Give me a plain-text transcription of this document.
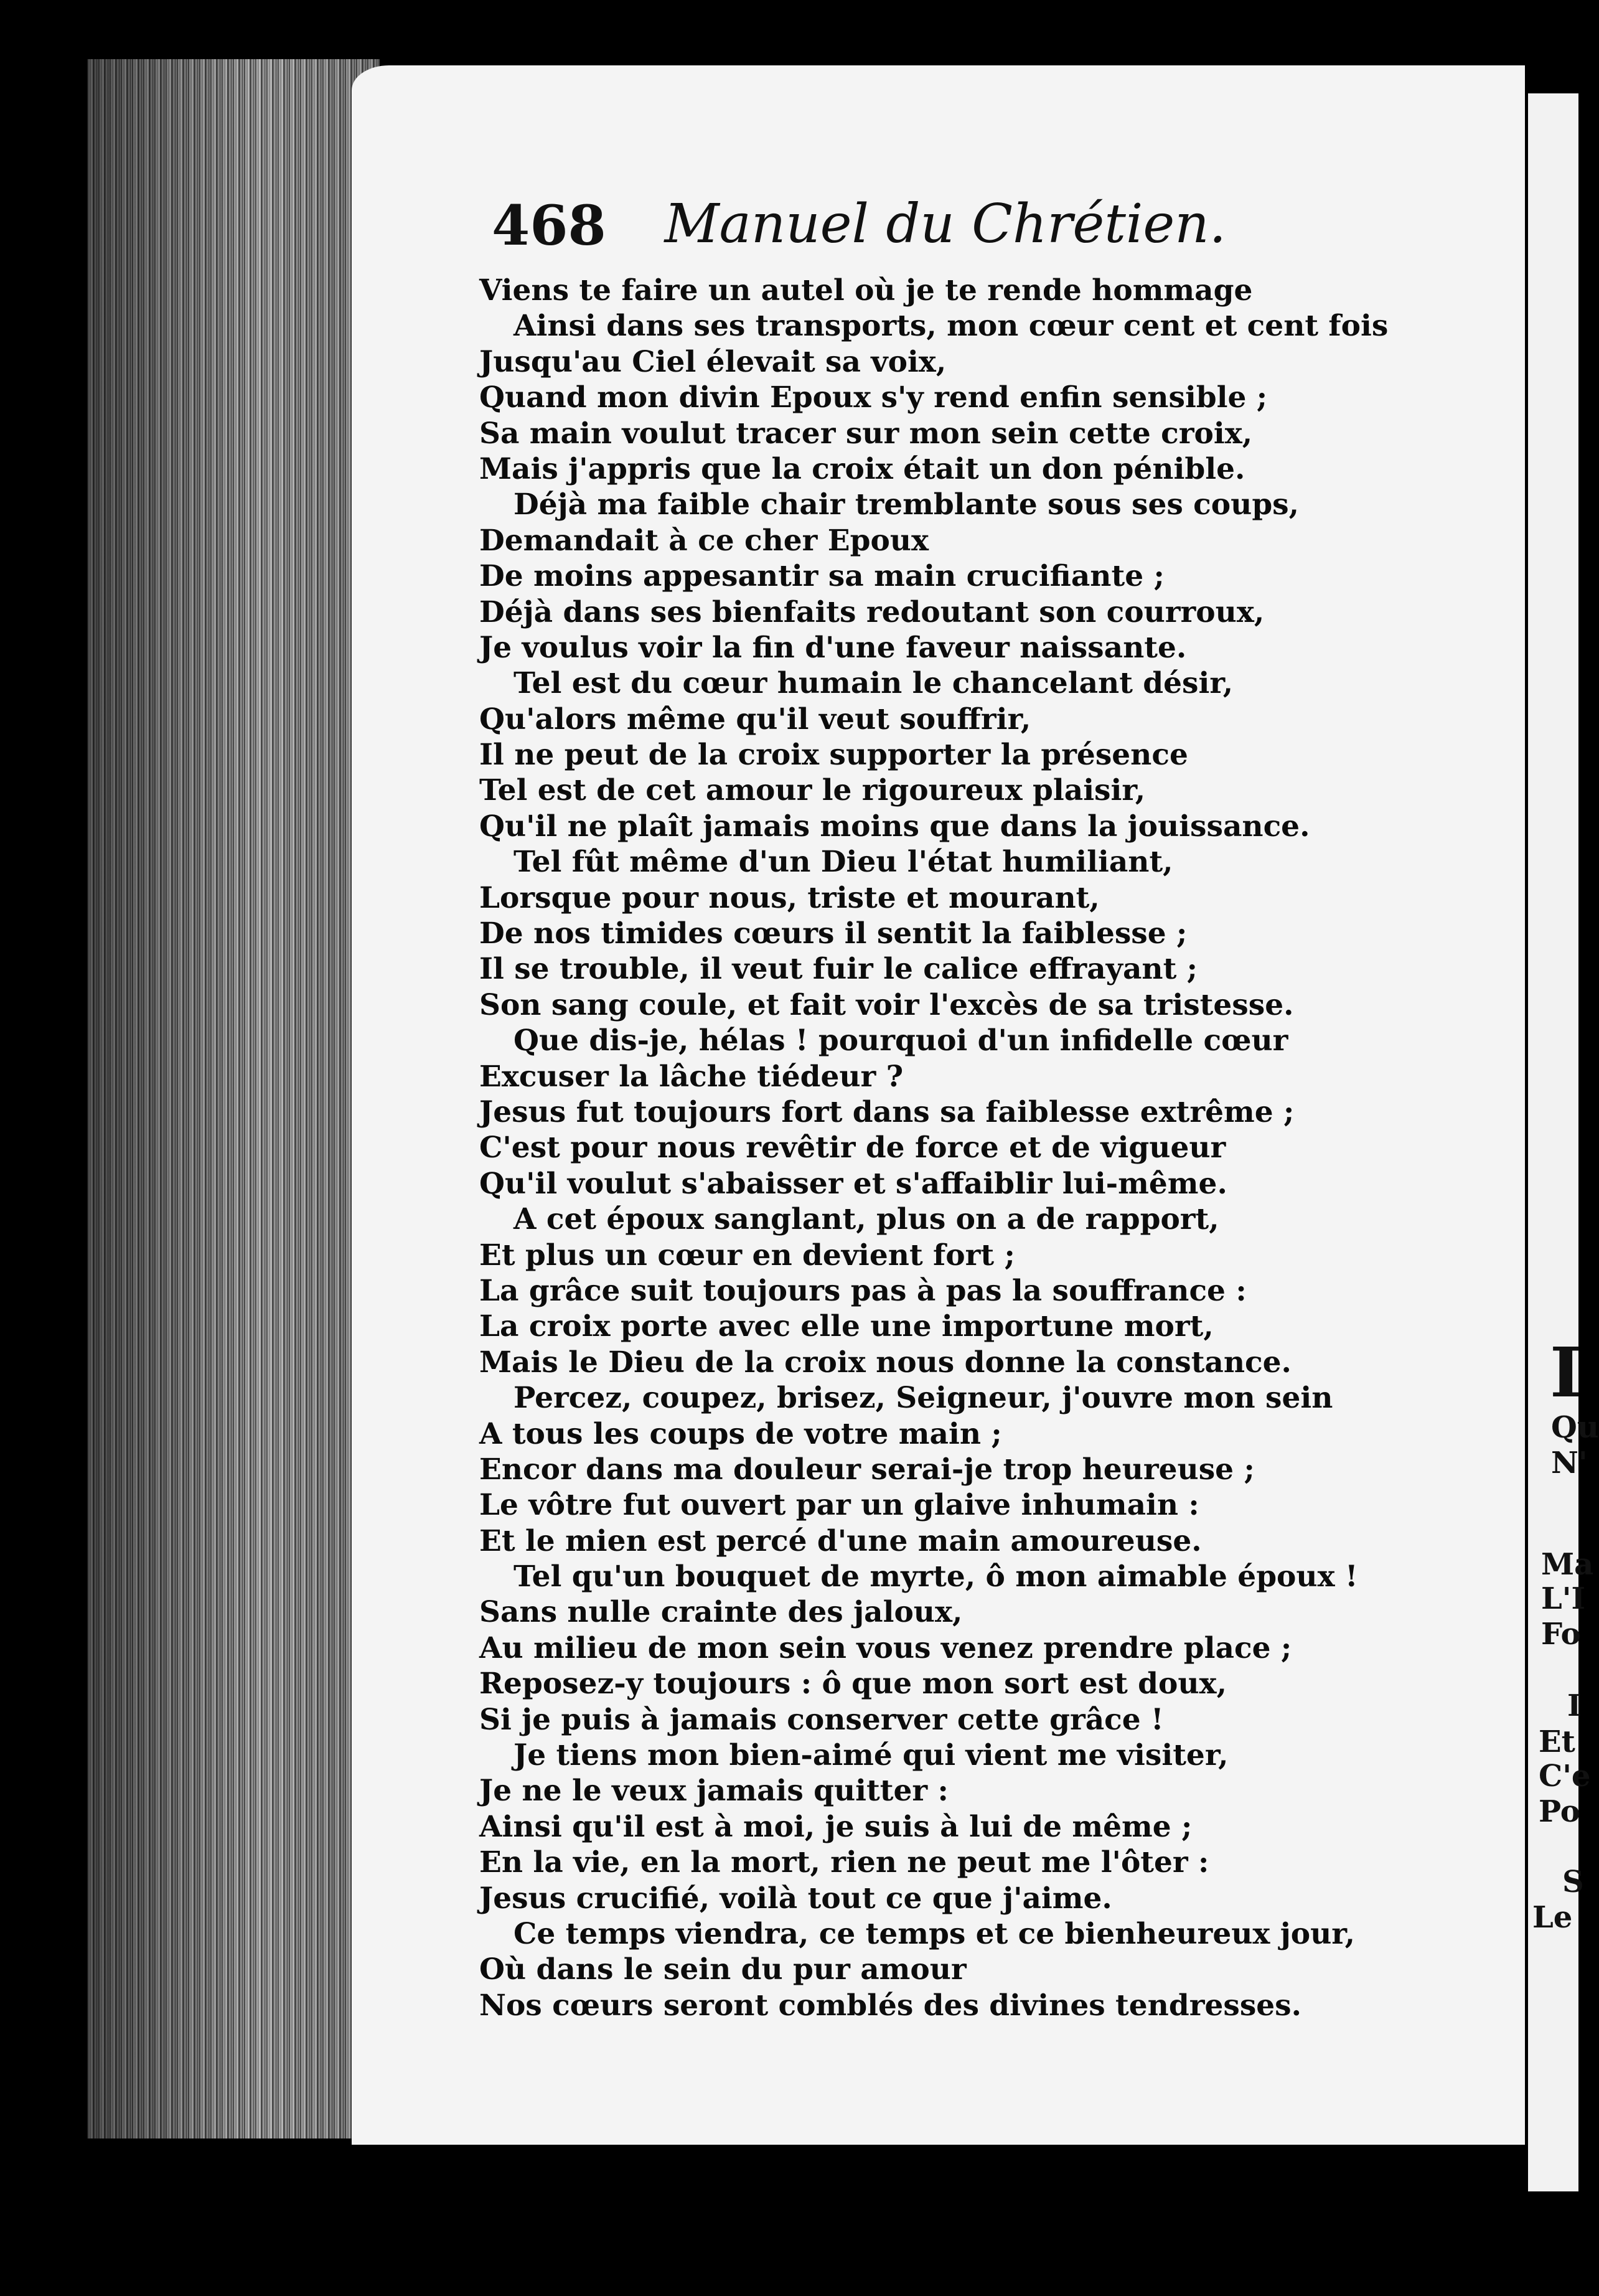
468 Manuel du Chrétien.
Viens te faire un autel où je te rende hommage
Ainsi dans ses transports, mon cœur cent et cent fois
Jusqu'au Ciel élevait sa voix,
Quand mon divin Epoux s'y rend enfin sensible ;
Sa main voulut tracer sur mon sein cette croix,
Mais j'appris que la croix était un don pénible.
Déjà ma faible chair tremblante sous ses coups,
Demandait à ce cher Epoux
De moins appesantir sa main crucifiante ;
Déjà dans ses bienfaits redoutant son courroux,
Je voulus voir la fin d'une faveur naissante.
Tel est du cœur humain le chancelant désir,
Qu'alors même qu'il veut souffrir,
Il ne peut de la croix supporter la présence
Tel est de cet amour le rigoureux plaisir,
Qu'il ne plaît jamais moins que dans la jouissance.
Tel fût même d'un Dieu l'état humiliant,
Lorsque pour nous, triste et mourant,
De nos timides cœurs il sentit la faiblesse ;
Il se trouble, il veut fuir le calice effrayant ;
Son sang coule, et fait voir l'excès de sa tristesse.
Que dis-je, hélas ! pourquoi d'un infidelle cœur
Excuser la lâche tiédeur ?
Jesus fut toujours fort dans sa faiblesse extrême ;
C'est pour nous revêtir de force et de vigueur
Qu'il voulut s'abaisser et s'affaiblir lui-même.
A cet époux sanglant, plus on a de rapport,
Et plus un cœur en devient fort ;
La grâce suit toujours pas à pas la souffrance :
La croix porte avec elle une importune mort,
Mais le Dieu de la croix nous donne la constance.
Percez, coupez, brisez, Seigneur, j'ouvre mon sein
A tous les coups de votre main ;
Encor dans ma douleur serai-je trop heureuse ;
Le vôtre fut ouvert par un glaive inhumain :
Et le mien est percé d'une main amoureuse.
Tel qu'un bouquet de myrte, ô mon aimable époux !
Sans nulle crainte des jaloux,
Au milieu de mon sein vous venez prendre place ;
Reposez-y toujours : ô que mon sort est doux,
Si je puis à jamais conserver cette grâce !
Je tiens mon bien-aimé qui vient me visiter,
Je ne le veux jamais quitter :
Ainsi qu'il est à moi, je suis à lui de même ;
En la vie, en la mort, rien ne peut me l'ôter :
Jesus crucifié, voilà tout ce que j'aime.
Ce temps viendra, ce temps et ce bienheureux jour,
Où dans le sein du pur amour
Nos cœurs seront comblés des divines tendresses.
I
Qu
N'
Ma
L'I
Fo
I
Et
C'e
Po
S
Le
